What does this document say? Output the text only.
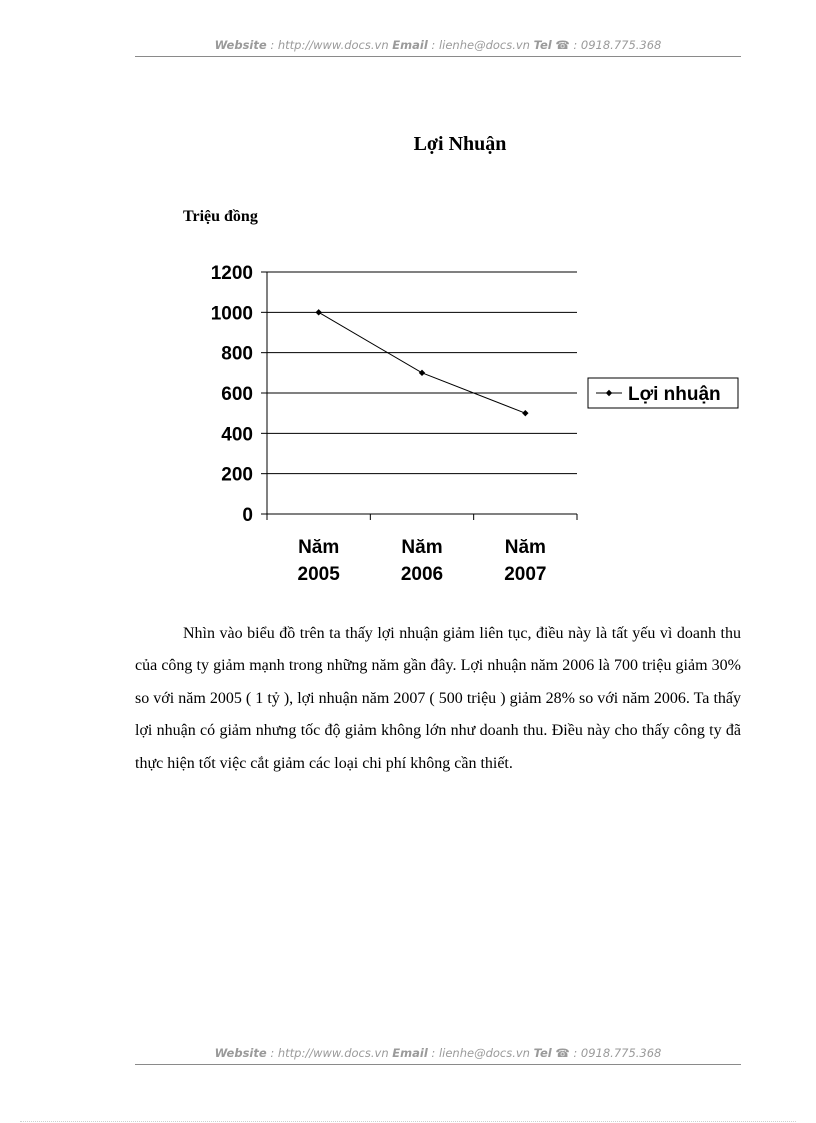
Website : http://www.docs.vn Email : lienhe@docs.vn Tel ☎ : 0918.775.368
Lợi Nhuận
Triệu đồng
0
200
400
600
800
1000
1200
Năm
2005
Năm
2006
Năm
2007
Lợi nhuận

Nhìn vào biểu đồ trên ta thấy lợi nhuận giảm liên tục, điều này là tất yếu vì doanh thu của công ty giảm mạnh trong những năm gần đây. Lợi nhuận năm 2006 là 700 triệu giảm 30% so với năm 2005 ( 1 tỷ ), lợi nhuận năm 2007 ( 500 triệu ) giảm 28% so với năm 2006. Ta thấy lợi nhuận có giảm nhưng tốc độ giảm không lớn như doanh thu. Điều này cho thấy công ty đã thực hiện tốt việc cắt giảm các loại chi phí không cần thiết.

Website : http://www.docs.vn Email : lienhe@docs.vn Tel ☎ : 0918.775.368
